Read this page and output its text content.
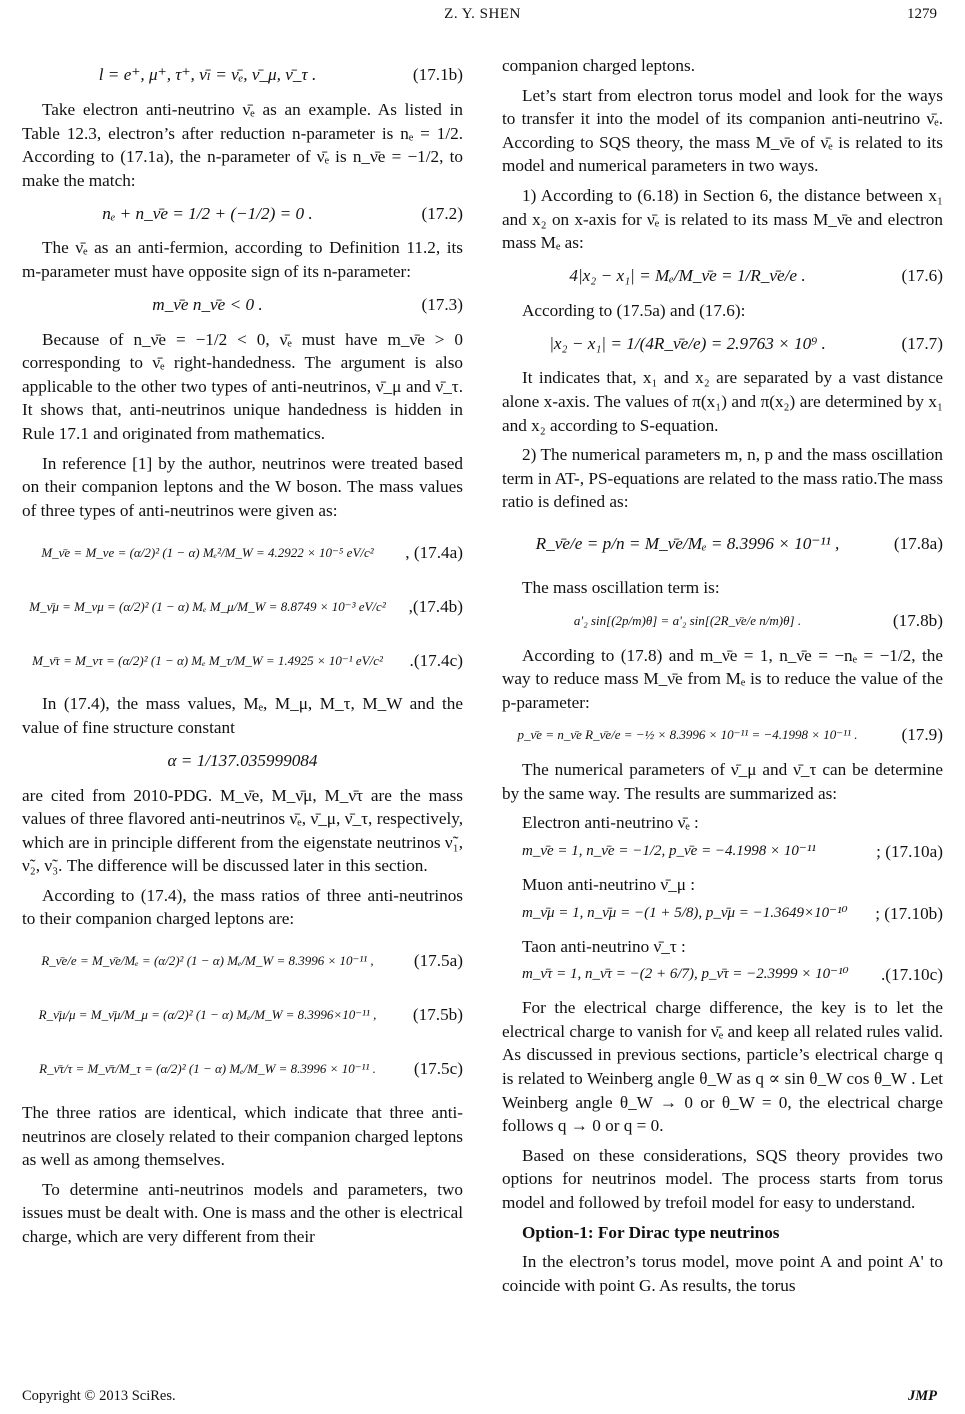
Z. Y. SHEN	1279
l = e⁺, μ⁺, τ⁺, ν̄ₗ = ν̄ₑ, ν̄_μ, ν̄_τ .	(17.1b)

Take electron anti-neutrino ν̄ₑ as an example. As listed in Table 12.3, electron’s after reduction n-parameter is nₑ = 1/2. According to (17.1a), the n-parameter of ν̄ₑ is n_ν̄e = −1/2, to make the match:

nₑ + n_ν̄e = 1/2 + (−1/2) = 0 .	(17.2)

The ν̄ₑ as an anti-fermion, according to Definition 11.2, its m-parameter must have opposite sign of its n-parameter:

m_ν̄e n_ν̄e < 0 .	(17.3)

Because of n_ν̄e = −1/2 < 0, ν̄ₑ must have m_ν̄e > 0 corresponding to ν̄ₑ right-handedness. The argument is also applicable to the other two types of anti-neutrinos, ν̄_μ and ν̄_τ. It shows that, anti-neutrinos unique handedness is hidden in Rule 17.1 and originated from mathematics.

In reference [1] by the author, neutrinos were treated based on their companion leptons and the W boson. The mass values of three types of anti-neutrinos were given as:

M_ν̄e = M_νe = (α/2)² (1 − α) Mₑ²/M_W = 4.2922 × 10⁻⁵ eV/c²	, (17.4a)
M_ν̄μ = M_νμ = (α/2)² (1 − α) Mₑ M_μ/M_W = 8.8749 × 10⁻³ eV/c²	,(17.4b)
M_ν̄τ = M_ντ = (α/2)² (1 − α) Mₑ M_τ/M_W = 1.4925 × 10⁻¹ eV/c²	.(17.4c)

In (17.4), the mass values, Mₑ, M_μ, M_τ, M_W and the value of fine structure constant

α = 1/137.035999084

are cited from 2010-PDG. M_ν̄e, M_ν̄μ, M_ν̄τ are the mass values of three flavored anti-neutrinos ν̄ₑ, ν̄_μ, ν̄_τ, respectively, which are in principle different from the eigenstate neutrinos ν̃₁, ν̃₂, ν̃₃. The difference will be discussed later in this section.

According to (17.4), the mass ratios of three anti-neutrinos to their companion charged leptons are:

R_ν̄e/e = M_ν̄e/Mₑ = (α/2)² (1 − α) Mₑ/M_W = 8.3996 × 10⁻¹¹ ,	(17.5a)
R_ν̄μ/μ = M_ν̄μ/M_μ = (α/2)² (1 − α) Mₑ/M_W = 8.3996×10⁻¹¹ ,	(17.5b)
R_ν̄τ/τ = M_ν̄τ/M_τ = (α/2)² (1 − α) Mₑ/M_W = 8.3996 × 10⁻¹¹ .	(17.5c)

The three ratios are identical, which indicate that three anti-neutrinos are closely related to their companion charged leptons as well as among themselves.

To determine anti-neutrinos models and parameters, two issues must be dealt with. One is mass and the other is electrical charge, which are very different from their

companion charged leptons.

Let’s start from electron torus model and look for the ways to transfer it into the model of its companion anti-neutrino ν̄ₑ. According to SQS theory, the mass M_ν̄e of ν̄ₑ is related to its model and numerical parameters in two ways.

1) According to (6.18) in Section 6, the distance between x₁ and x₂ on x-axis for ν̄ₑ is related to its mass M_ν̄e and electron mass Mₑ as:

4|x₂ − x₁| = Mₑ/M_ν̄e = 1/R_ν̄e/e .	(17.6)

According to (17.5a) and (17.6):

|x₂ − x₁| = 1/(4R_ν̄e/e) = 2.9763 × 10⁹ .	(17.7)

It indicates that, x₁ and x₂ are separated by a vast distance alone x-axis. The values of π(x₁) and π(x₂) are determined by x₁ and x₂ according to S-equation.

2) The numerical parameters m, n, p and the mass oscillation term in AT-, PS-equations are related to the mass ratio.The mass ratio is defined as:

R_ν̄e/e = p/n = M_ν̄e/Mₑ = 8.3996 × 10⁻¹¹ ,	(17.8a)

The mass oscillation term is:

a'₂ sin[(2p/m)θ] = a'₂ sin[(2R_ν̄e/e n/m)θ] .	(17.8b)

According to (17.8) and m_ν̄e = 1, n_ν̄e = −nₑ = −1/2, the way to reduce mass M_ν̄e from Mₑ is to reduce the value of the p-parameter:

p_ν̄e = n_ν̄e R_ν̄e/e = −½ × 8.3996 × 10⁻¹¹ = −4.1998 × 10⁻¹¹ .	(17.9)

The numerical parameters of ν̄_μ and ν̄_τ can be determine by the same way. The results are summarized as:

Electron anti-neutrino ν̄ₑ :
m_ν̄e = 1, n_ν̄e = −1/2, p_ν̄e = −4.1998 × 10⁻¹¹	; (17.10a)
Muon anti-neutrino ν̄_μ :
m_ν̄μ = 1, n_ν̄μ = −(1 + 5/8), p_ν̄μ = −1.3649×10⁻¹⁰	; (17.10b)
Taon anti-neutrino ν̄_τ :
m_ν̄τ = 1, n_ν̄τ = −(2 + 6/7), p_ν̄τ = −2.3999 × 10⁻¹⁰	.(17.10c)

For the electrical charge difference, the key is to let the electrical charge to vanish for ν̄ₑ and keep all related rules valid. As discussed in previous sections, particle’s electrical charge q is related to Weinberg angle θ_W as q ∝ sin θ_W cos θ_W . Let Weinberg angle θ_W → 0 or θ_W = 0, the electrical charge follows q → 0 or q = 0.

Based on these considerations, SQS theory provides two options for neutrinos model. The process starts from torus model and followed by trefoil model for easy to understand.

Option-1: For Dirac type neutrinos

In the electron’s torus model, move point A and point A' to coincide with point G. As results, the torus

Copyright © 2013 SciRes.	JMP
